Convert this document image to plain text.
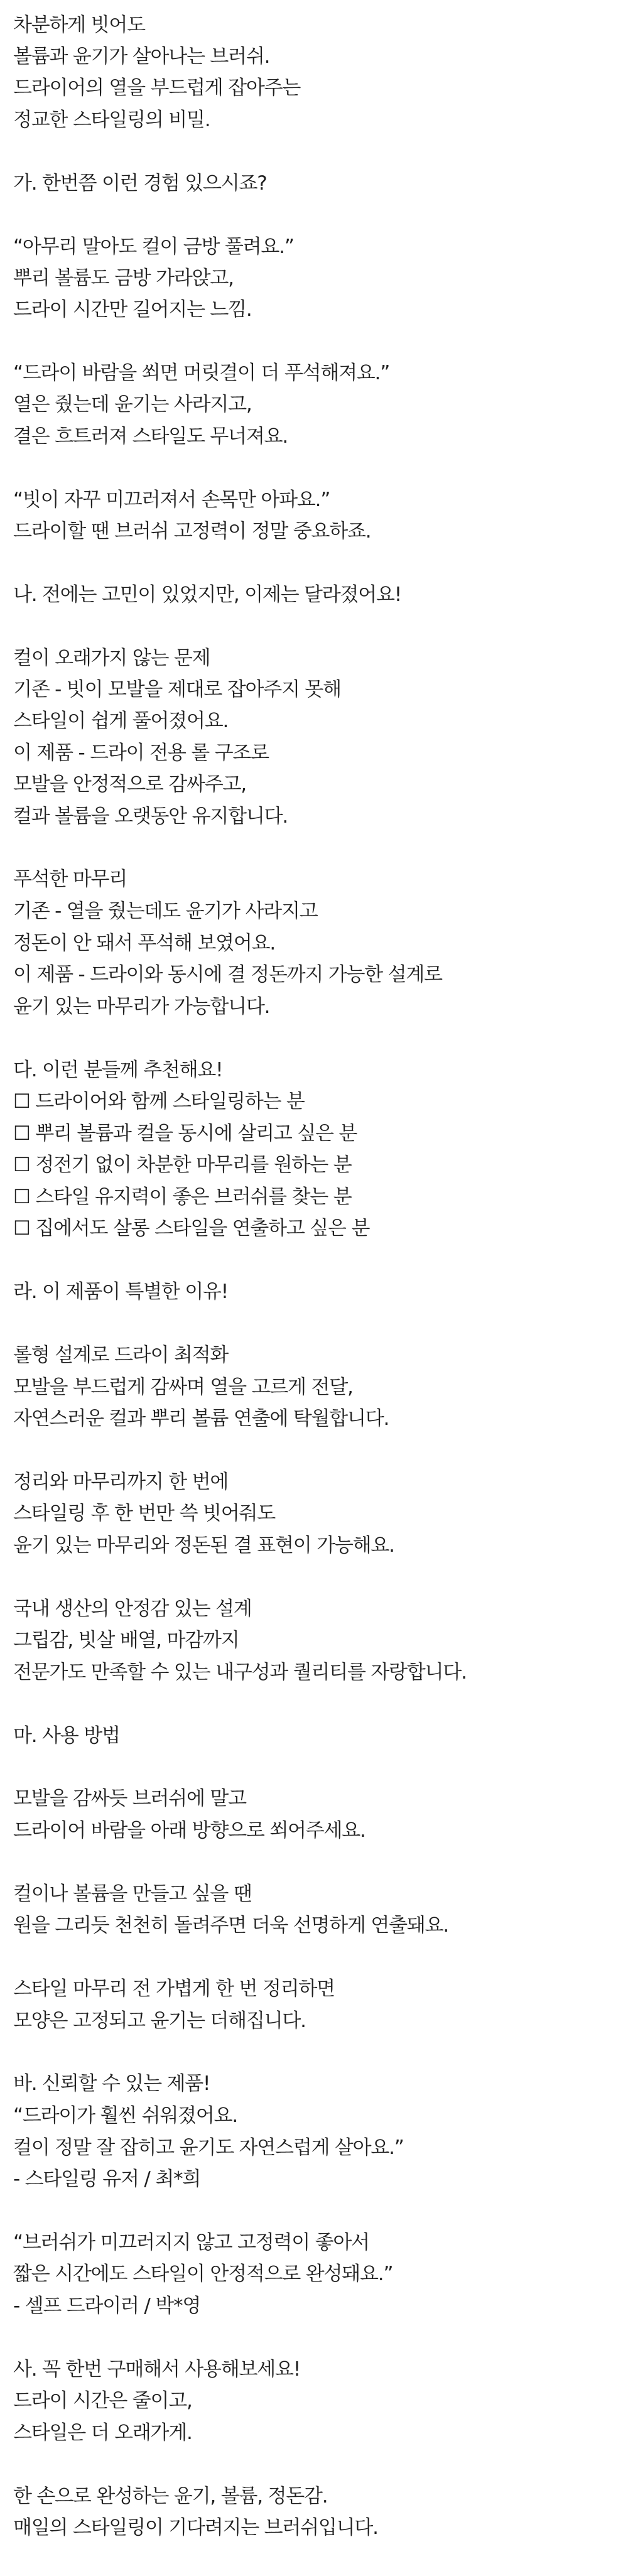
차분하게 빗어도
볼륨과 윤기가 살아나는 브러쉬.
드라이어의 열을 부드럽게 잡아주는
정교한 스타일링의 비밀.
가. 한번쯤 이런 경험 있으시죠?
“아무리 말아도 컬이 금방 풀려요.”
뿌리 볼륨도 금방 가라앉고,
드라이 시간만 길어지는 느낌.
“드라이 바람을 쐬면 머릿결이 더 푸석해져요.”
열은 줬는데 윤기는 사라지고,
결은 흐트러져 스타일도 무너져요.
“빗이 자꾸 미끄러져서 손목만 아파요.”
드라이할 땐 브러쉬 고정력이 정말 중요하죠.
나. 전에는 고민이 있었지만, 이제는 달라졌어요!
컬이 오래가지 않는 문제
기존 - 빗이 모발을 제대로 잡아주지 못해
스타일이 쉽게 풀어졌어요.
이 제품 - 드라이 전용 롤 구조로
모발을 안정적으로 감싸주고,
컬과 볼륨을 오랫동안 유지합니다.
푸석한 마무리
기존 - 열을 줬는데도 윤기가 사라지고
정돈이 안 돼서 푸석해 보였어요.
이 제품 - 드라이와 동시에 결 정돈까지 가능한 설계로
윤기 있는 마무리가 가능합니다.
다. 이런 분들께 추천해요!
☐ 드라이어와 함께 스타일링하는 분
☐ 뿌리 볼륨과 컬을 동시에 살리고 싶은 분
☐ 정전기 없이 차분한 마무리를 원하는 분
☐ 스타일 유지력이 좋은 브러쉬를 찾는 분
☐ 집에서도 살롱 스타일을 연출하고 싶은 분
라. 이 제품이 특별한 이유!
롤형 설계로 드라이 최적화
모발을 부드럽게 감싸며 열을 고르게 전달,
자연스러운 컬과 뿌리 볼륨 연출에 탁월합니다.
정리와 마무리까지 한 번에
스타일링 후 한 번만 쓱 빗어줘도
윤기 있는 마무리와 정돈된 결 표현이 가능해요.
국내 생산의 안정감 있는 설계
그립감, 빗살 배열, 마감까지
전문가도 만족할 수 있는 내구성과 퀄리티를 자랑합니다.
마. 사용 방법
모발을 감싸듯 브러쉬에 말고
드라이어 바람을 아래 방향으로 쐬어주세요.
컬이나 볼륨을 만들고 싶을 땐
원을 그리듯 천천히 돌려주면 더욱 선명하게 연출돼요.
스타일 마무리 전 가볍게 한 번 정리하면
모양은 고정되고 윤기는 더해집니다.
바. 신뢰할 수 있는 제품!
“드라이가 훨씬 쉬워졌어요.
컬이 정말 잘 잡히고 윤기도 자연스럽게 살아요.”
- 스타일링 유저 / 최*희
“브러쉬가 미끄러지지 않고 고정력이 좋아서
짧은 시간에도 스타일이 안정적으로 완성돼요.”
- 셀프 드라이러 / 박*영
사. 꼭 한번 구매해서 사용해보세요!
드라이 시간은 줄이고,
스타일은 더 오래가게.
한 손으로 완성하는 윤기, 볼륨, 정돈감.
매일의 스타일링이 기다려지는 브러쉬입니다.
